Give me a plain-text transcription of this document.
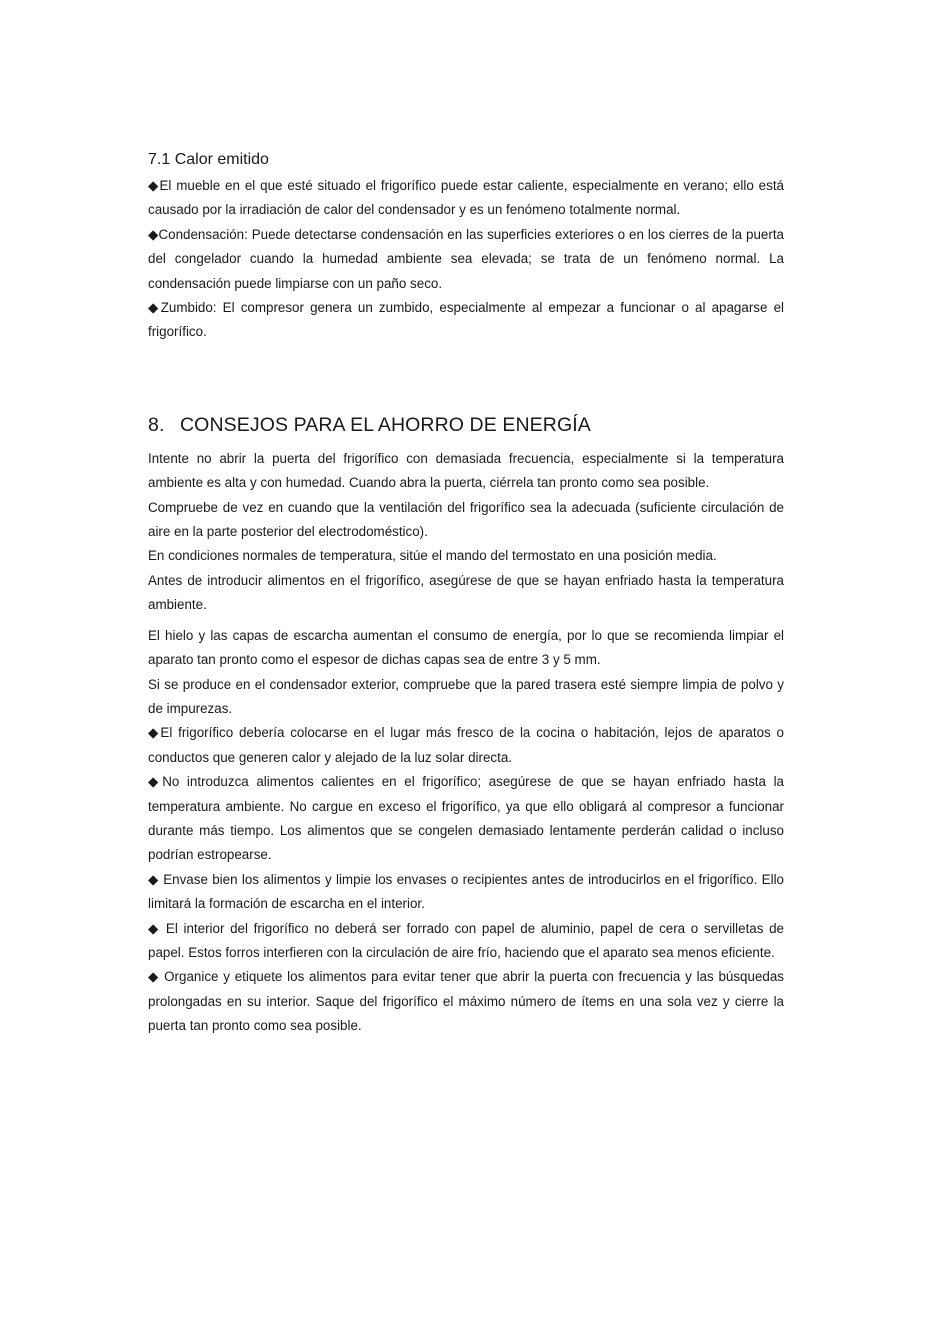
7.1 Calor emitido

◆El mueble en el que esté situado el frigorífico puede estar caliente, especialmente en verano; ello está causado por la irradiación de calor del condensador y es un fenómeno totalmente normal.

◆Condensación: Puede detectarse condensación en las superficies exteriores o en los cierres de la puerta del congelador cuando la humedad ambiente sea elevada; se trata de un fenómeno normal. La condensación puede limpiarse con un paño seco.

◆Zumbido: El compresor genera un zumbido, especialmente al empezar a funcionar o al apagarse el frigorífico.

8. CONSEJOS PARA EL AHORRO DE ENERGÍA

Intente no abrir la puerta del frigorífico con demasiada frecuencia, especialmente si la temperatura ambiente es alta y con humedad. Cuando abra la puerta, ciérrela tan pronto como sea posible.

Compruebe de vez en cuando que la ventilación del frigorífico sea la adecuada (suficiente circulación de aire en la parte posterior del electrodoméstico).

En condiciones normales de temperatura, sitúe el mando del termostato en una posición media.

Antes de introducir alimentos en el frigorífico, asegúrese de que se hayan enfriado hasta la temperatura ambiente.

El hielo y las capas de escarcha aumentan el consumo de energía, por lo que se recomienda limpiar el aparato tan pronto como el espesor de dichas capas sea de entre 3 y 5 mm.

Si se produce en el condensador exterior, compruebe que la pared trasera esté siempre limpia de polvo y de impurezas.

◆El frigorífico debería colocarse en el lugar más fresco de la cocina o habitación, lejos de aparatos o conductos que generen calor y alejado de la luz solar directa.

◆No introduzca alimentos calientes en el frigorífico; asegúrese de que se hayan enfriado hasta la temperatura ambiente. No cargue en exceso el frigorífico, ya que ello obligará al compresor a funcionar durante más tiempo. Los alimentos que se congelen demasiado lentamente perderán calidad o incluso podrían estropearse.

◆ Envase bien los alimentos y limpie los envases o recipientes antes de introducirlos en el frigorífico. Ello limitará la formación de escarcha en el interior.

◆ El interior del frigorífico no deberá ser forrado con papel de aluminio, papel de cera o servilletas de papel. Estos forros interfieren con la circulación de aire frío, haciendo que el aparato sea menos eficiente.

◆ Organice y etiquete los alimentos para evitar tener que abrir la puerta con frecuencia y las búsquedas prolongadas en su interior. Saque del frigorífico el máximo número de ítems en una sola vez y cierre la puerta tan pronto como sea posible.
